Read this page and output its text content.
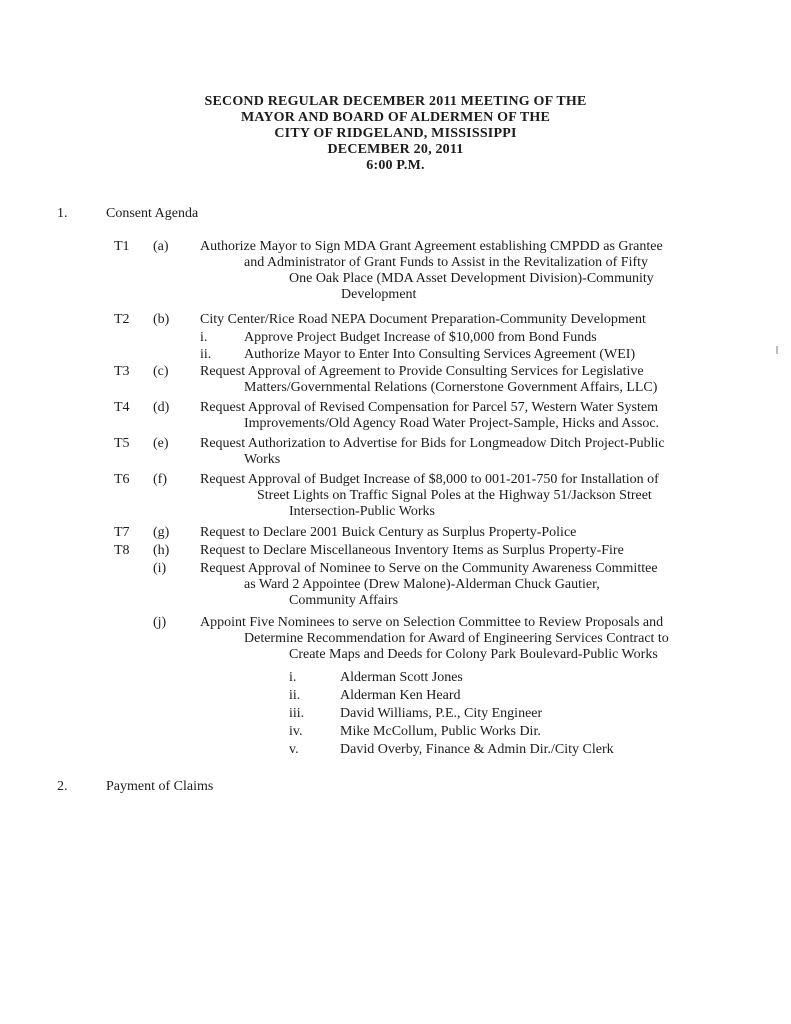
SECOND REGULAR DECEMBER 2011 MEETING OF THE
MAYOR AND BOARD OF ALDERMEN OF THE
CITY OF RIDGELAND, MISSISSIPPI
DECEMBER 20, 2011
6:00 P.M.
1.	Consent Agenda
T1 (a) Authorize Mayor to Sign MDA Grant Agreement establishing CMPDD as Grantee
and Administrator of Grant Funds to Assist in the Revitalization of Fifty
One Oak Place (MDA Asset Development Division)-Community
Development
T2 (b) City Center/Rice Road NEPA Document Preparation-Community Development
i.	Approve Project Budget Increase of $10,000 from Bond Funds
ii. Authorize Mayor to Enter Into Consulting Services Agreement (WEI)
T3 (c) Request Approval of Agreement to Provide Consulting Services for Legislative
Matters/Governmental Relations (Cornerstone Government Affairs, LLC)
T4 (d) Request Approval of Revised Compensation for Parcel 57, Western Water System
Improvements/Old Agency Road Water Project-Sample, Hicks and Assoc.
T5 (e) Request Authorization to Advertise for Bids for Longmeadow Ditch Project-Public
Works
T6 (f) Request Approval of Budget Increase of $8,000 to 001-201-750 for Installation of
Street Lights on Traffic Signal Poles at the Highway 51/Jackson Street
Intersection-Public Works
T7 (g) Request to Declare 2001 Buick Century as Surplus Property-Police
T8 (h) Request to Declare Miscellaneous Inventory Items as Surplus Property-Fire
(i) Request Approval of Nominee to Serve on the Community Awareness Committee
as Ward 2 Appointee (Drew Malone)-Alderman Chuck Gautier,
Community Affairs
(j) Appoint Five Nominees to serve on Selection Committee to Review Proposals and
Determine Recommendation for Award of Engineering Services Contract to
Create Maps and Deeds for Colony Park Boulevard-Public Works
i.	Alderman Scott Jones
ii.	Alderman Ken Heard
iii.	David Williams, P.E., City Engineer
iv.	Mike McCollum, Public Works Dir.
v.	David Overby, Finance & Admin Dir./City Clerk
2.	Payment of Claims
